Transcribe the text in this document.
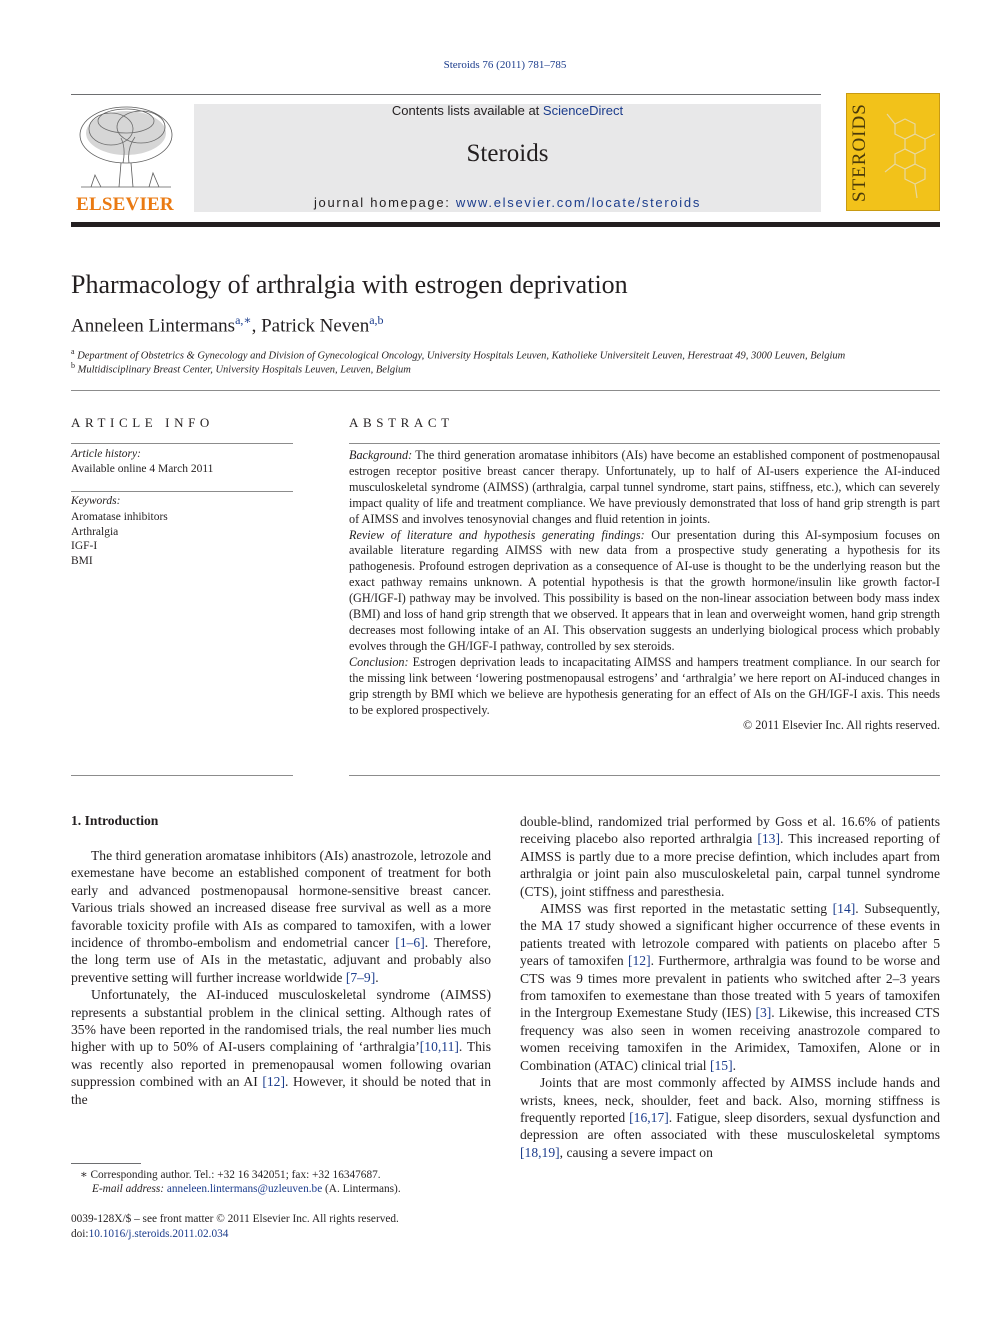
Steroids 76 (2011) 781–785
ELSEVIER
Contents lists available at ScienceDirect
Steroids
journal homepage: www.elsevier.com/locate/steroids
STEROIDS
Pharmacology of arthralgia with estrogen deprivation
Anneleen Lintermans$^{a,∗}$, Patrick Neven$^{a,b}$
$^a$ Department of Obstetrics & Gynecology and Division of Gynecological Oncology, University Hospitals Leuven, Katholieke Universiteit Leuven, Herestraat 49, 3000 Leuven, Belgium
$^b$ Multidisciplinary Breast Center, University Hospitals Leuven, Leuven, Belgium
ARTICLE INFO
Article history:
Available online 4 March 2011
Keywords:
Aromatase inhibitors
Arthralgia
IGF-I
BMI
ABSTRACT

Background: The third generation aromatase inhibitors (AIs) have become an established component of postmenopausal estrogen receptor positive breast cancer therapy. Unfortunately, up to half of AI-users experience the AI-induced musculoskeletal syndrome (AIMSS) (arthralgia, carpal tunnel syndrome, start pains, stiffness, etc.), which can severely impact quality of life and treatment compliance. We have previously demonstrated that loss of hand grip strength is part of AIMSS and involves tenosynovial changes and fluid retention in joints.

Review of literature and hypothesis generating findings: Our presentation during this AI-symposium focuses on available literature regarding AIMSS with new data from a prospective study generating a hypothesis for its pathogenesis. Profound estrogen deprivation as a consequence of AI-use is thought to be the underlying reason but the exact pathway remains unknown. A potential hypothesis is that the growth hormone/insulin like growth factor-I (GH/IGF-I) pathway may be involved. This possibility is based on the non-linear association between body mass index (BMI) and loss of hand grip strength that we observed. It appears that in lean and overweight women, hand grip strength decreases most following intake of an AI. This observation suggests an underlying biological process which probably evolves through the GH/IGF-I pathway, controlled by sex steroids.

Conclusion: Estrogen deprivation leads to incapacitating AIMSS and hampers treatment compliance. In our search for the missing link between ‘lowering postmenopausal estrogens’ and ‘arthralgia’ we here report on AI-induced changes in grip strength by BMI which we believe are hypothesis generating for an effect of AIs on the GH/IGF-I axis. This needs to be explored prospectively.

© 2011 Elsevier Inc. All rights reserved.

1. Introduction

The third generation aromatase inhibitors (AIs) anastrozole, letrozole and exemestane have become an established component of treatment for both early and advanced postmenopausal hormone-sensitive breast cancer. Various trials showed an increased disease free survival as well as a more favorable toxicity profile with AIs as compared to tamoxifen, with a lower incidence of thrombo-embolism and endometrial cancer [1–6]. Therefore, the long term use of AIs in the metastatic, adjuvant and probably also preventive setting will further increase worldwide [7–9].

Unfortunately, the AI-induced musculoskeletal syndrome (AIMSS) represents a substantial problem in the clinical setting. Although rates of 35% have been reported in the randomised trials, the real number lies much higher with up to 50% of AI-users complaining of ‘arthralgia’[10,11]. This was recently also reported in premenopausal women following ovarian suppression combined with an AI [12]. However, it should be noted that in the

double-blind, randomized trial performed by Goss et al. 16.6% of patients receiving placebo also reported arthralgia [13]. This increased reporting of AIMSS is partly due to a more precise defintion, which includes apart from arthralgia or joint pain also musculoskeletal pain, carpal tunnel syndrome (CTS), joint stiffness and paresthesia.

AIMSS was first reported in the metastatic setting [14]. Subsequently, the MA 17 study showed a significant higher occurrence of these events in patients treated with letrozole compared with patients on placebo after 5 years of tamoxifen [12]. Furthermore, arthralgia was found to be worse and CTS was 9 times more prevalent in patients who switched after 2–3 years from tamoxifen to exemestane than those treated with 5 years of tamoxifen in the Intergroup Exemestane Study (IES) [3]. Likewise, this increased CTS frequency was also seen in women receiving anastrozole compared to women receiving tamoxifen in the Arimidex, Tamoxifen, Alone or in Combination (ATAC) clinical trial [15].

Joints that are most commonly affected by AIMSS include hands and wrists, knees, neck, shoulder, feet and back. Also, morning stiffness is frequently reported [16,17]. Fatigue, sleep disorders, sexual dysfunction and depression are often associated with these musculoskeletal symptoms [18,19], causing a severe impact on

∗ Corresponding author. Tel.: +32 16 342051; fax: +32 16347687.
E-mail address: anneleen.lintermans@uzleuven.be (A. Lintermans).
0039-128X/$ – see front matter © 2011 Elsevier Inc. All rights reserved.
doi:10.1016/j.steroids.2011.02.034
